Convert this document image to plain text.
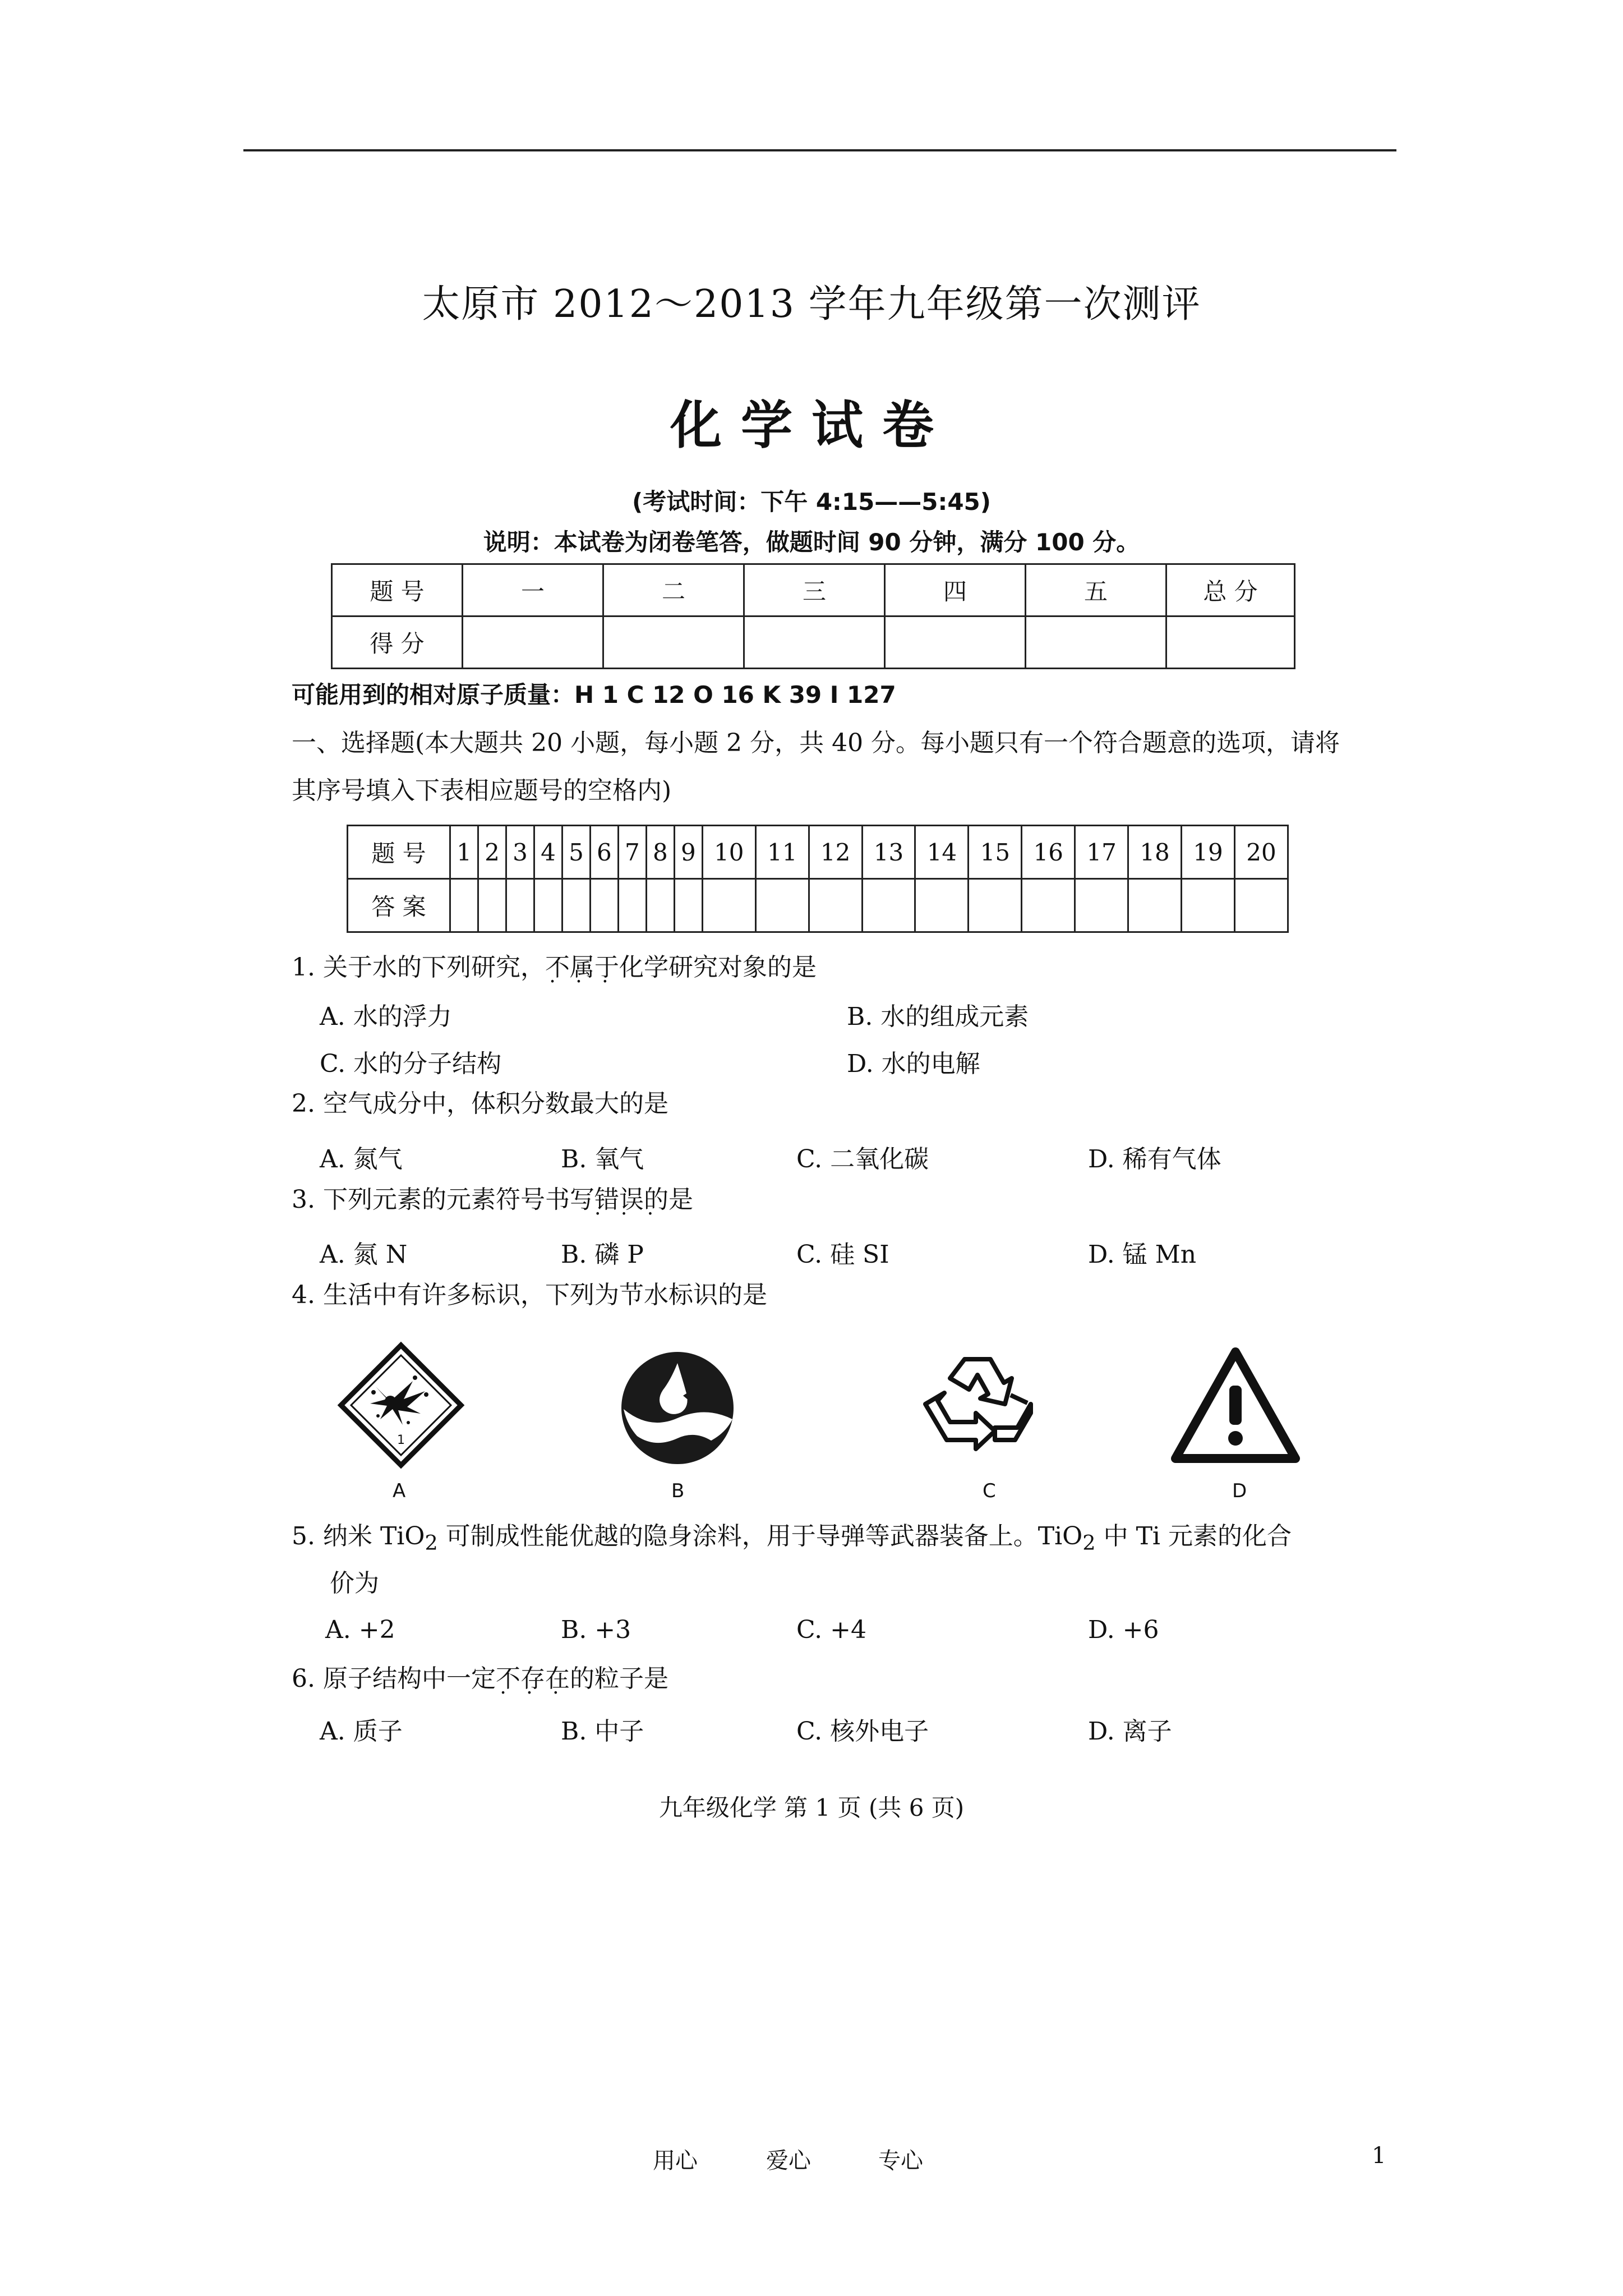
太原市 2012～2013 学年九年级第一次测评
化学试卷
(考试时间：下午 4:15——5:45)
说明：本试卷为闭卷笔答，做题时间 90 分钟，满分 100 分。
题 号	一	二	三	四	五	总 分
得 分						
可能用到的相对原子质量：H 1 C 12 O 16 K 39 I 127
一、选择题(本大题共 20 小题，每小题 2 分，共 40 分。每小题只有一个符合题意的选项，请将
其序号填入下表相应题号的空格内)
题 号	1	2	3	4	5	6	7	8	9	10	11	12	13	14	15	16	17	18	19	20
答 案																				
1. 关于水的下列研究，不属于 · · ·化学研究对象的是
A. 水的浮力	B. 水的组成元素
C. 水的分子结构	D. 水的电解
2. 空气成分中，体积分数最大的是
A. 氮气	B. 氧气	C. 二氧化碳	D. 稀有气体
3. 下列元素的元素符号书写错误 · · ·的是
A. 氮 N	B. 磷 P	C. 硅 SI	D. 锰 Mn
4. 生活中有许多标识，下列为节水标识的是
1
A	B	C	D
5. 纳米 TiO$_2$ 可制成性能优越的隐身涂料，用于导弹等武器装备上。TiO$_2$ 中 Ti 元素的化合
价为
A. +2	B. +3	C. +4	D. +6
6. 原子结构中一定不存在 · · ·的粒子是
A. 质子	B. 中子	C. 核外电子	D. 离子
九年级化学 第 1 页 (共 6 页)
用心	爱心	专心	1
